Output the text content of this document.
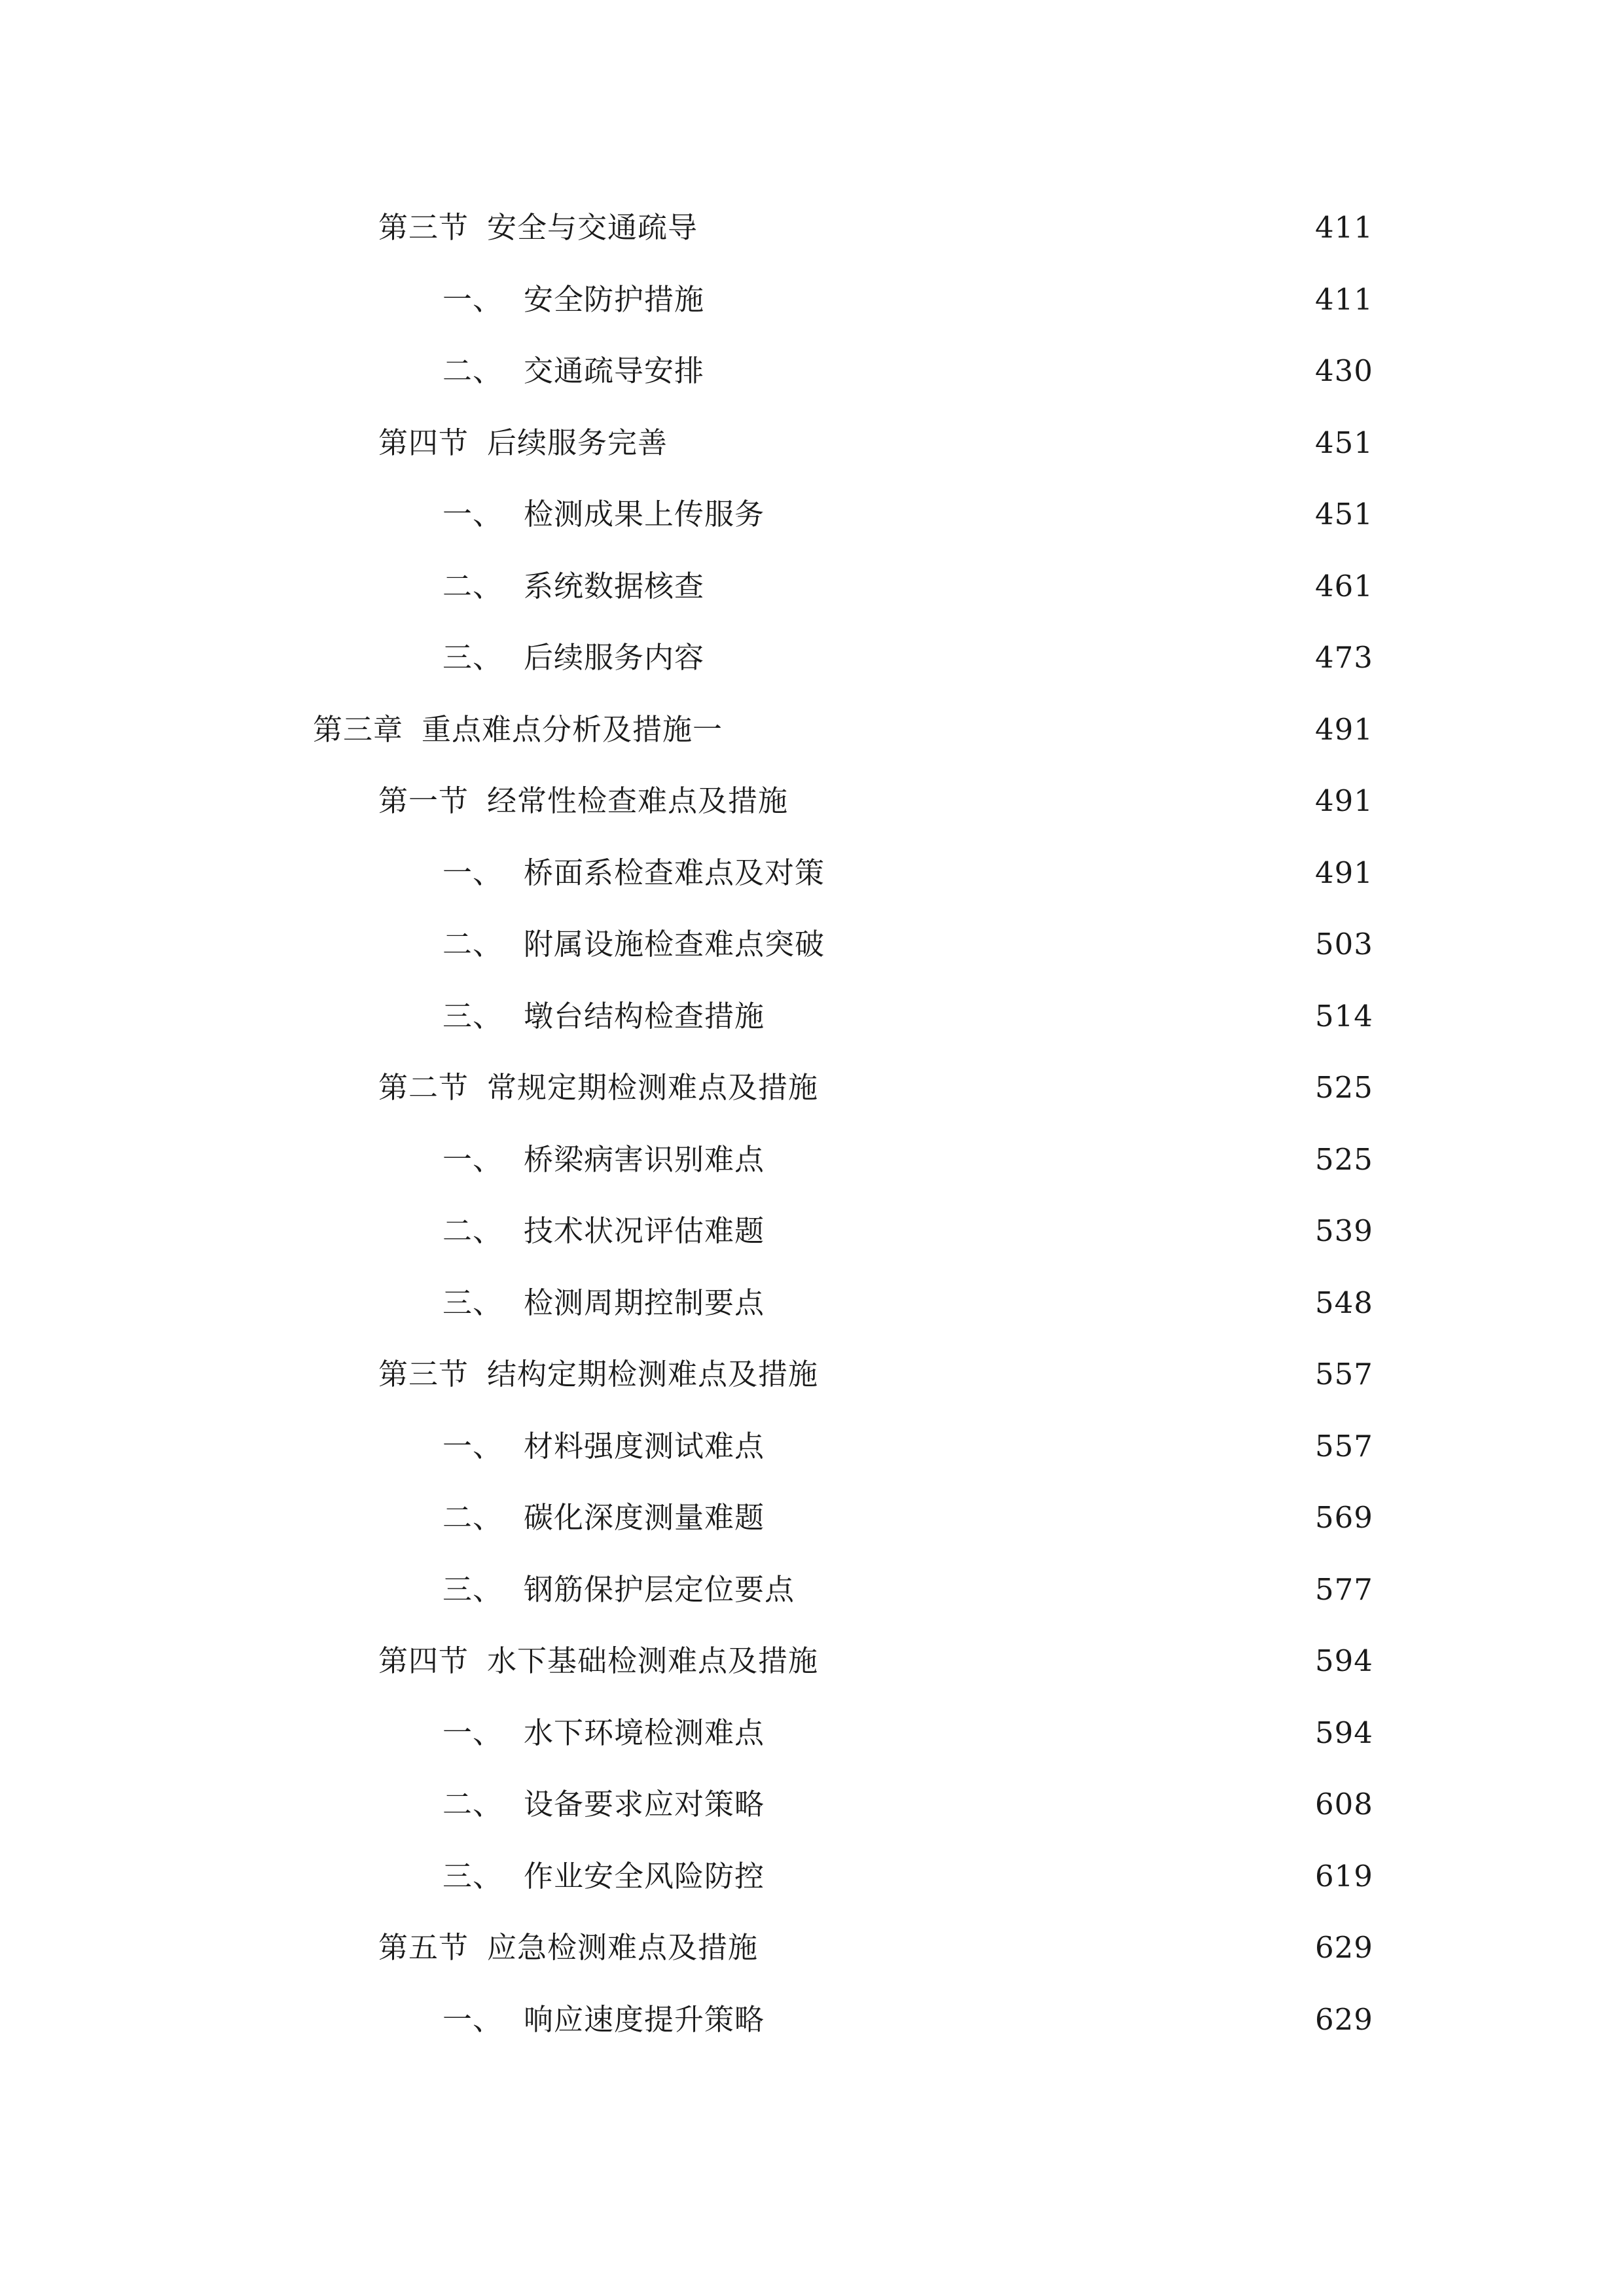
第三节 安全与交通疏导	411
一、 安全防护措施	411
二、 交通疏导安排	430
第四节 后续服务完善	451
一、 检测成果上传服务	451
二、 系统数据核查	461
三、 后续服务内容	473
第三章 重点难点分析及措施一	491
第一节 经常性检查难点及措施	491
一、 桥面系检查难点及对策	491
二、 附属设施检查难点突破	503
三、 墩台结构检查措施	514
第二节 常规定期检测难点及措施	525
一、 桥梁病害识别难点	525
二、 技术状况评估难题	539
三、 检测周期控制要点	548
第三节 结构定期检测难点及措施	557
一、 材料强度测试难点	557
二、 碳化深度测量难题	569
三、 钢筋保护层定位要点	577
第四节 水下基础检测难点及措施	594
一、 水下环境检测难点	594
二、 设备要求应对策略	608
三、 作业安全风险防控	619
第五节 应急检测难点及措施	629
一、 响应速度提升策略	629
